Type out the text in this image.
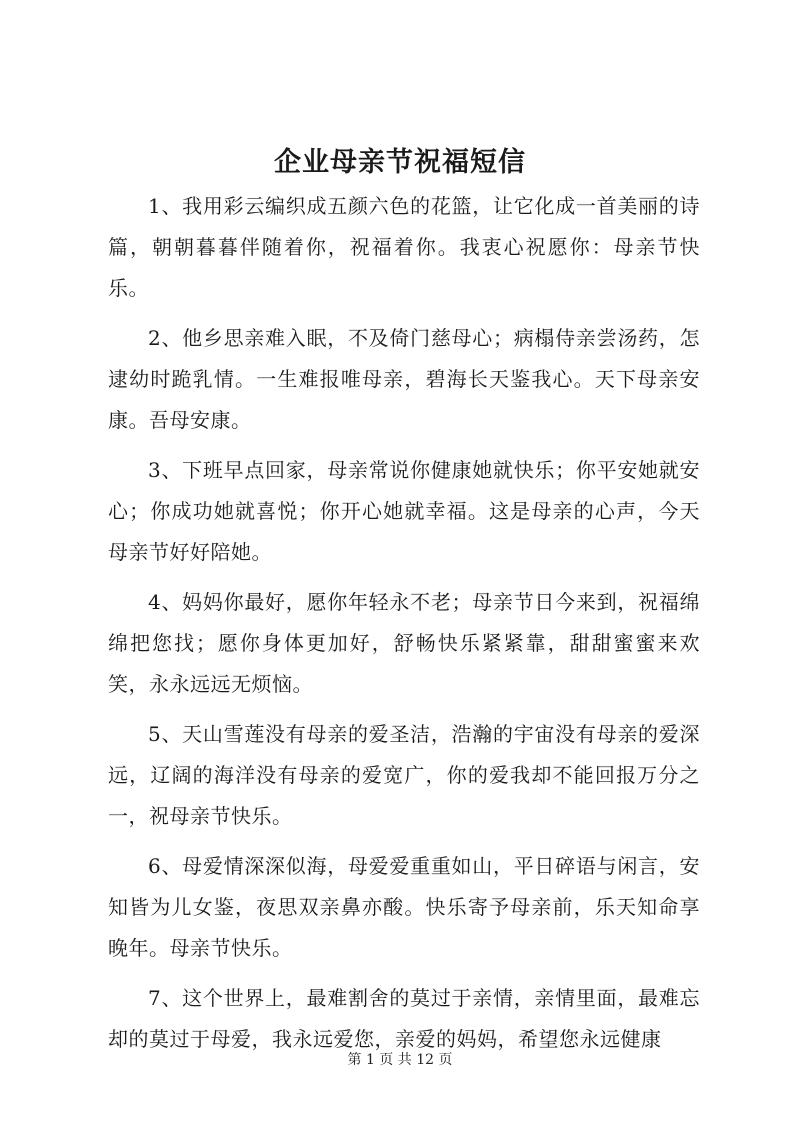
企业母亲节祝福短信

1、我用彩云编织成五颜六色的花篮，让它化成一首美丽的诗篇，朝朝暮暮伴随着你，祝福着你。我衷心祝愿你：母亲节快乐。

2、他乡思亲难入眠，不及倚门慈母心；病榻侍亲尝汤药，怎逮幼时跪乳情。一生难报唯母亲，碧海长天鉴我心。天下母亲安康。吾母安康。

3、下班早点回家，母亲常说你健康她就快乐；你平安她就安心；你成功她就喜悦；你开心她就幸福。这是母亲的心声，今天母亲节好好陪她。

4、妈妈你最好，愿你年轻永不老；母亲节日今来到，祝福绵绵把您找；愿你身体更加好，舒畅快乐紧紧靠，甜甜蜜蜜来欢笑，永永远远无烦恼。

5、天山雪莲没有母亲的爱圣洁，浩瀚的宇宙没有母亲的爱深远，辽阔的海洋没有母亲的爱宽广，你的爱我却不能回报万分之一，祝母亲节快乐。

6、母爱情深深似海，母爱爱重重如山，平日碎语与闲言，安知皆为儿女鉴，夜思双亲鼻亦酸。快乐寄予母亲前，乐天知命享晚年。母亲节快乐。

7、这个世界上，最难割舍的莫过于亲情，亲情里面，最难忘却的莫过于母爱，我永远爱您，亲爱的妈妈，希望您永远健康

第 1 页 共 12 页
